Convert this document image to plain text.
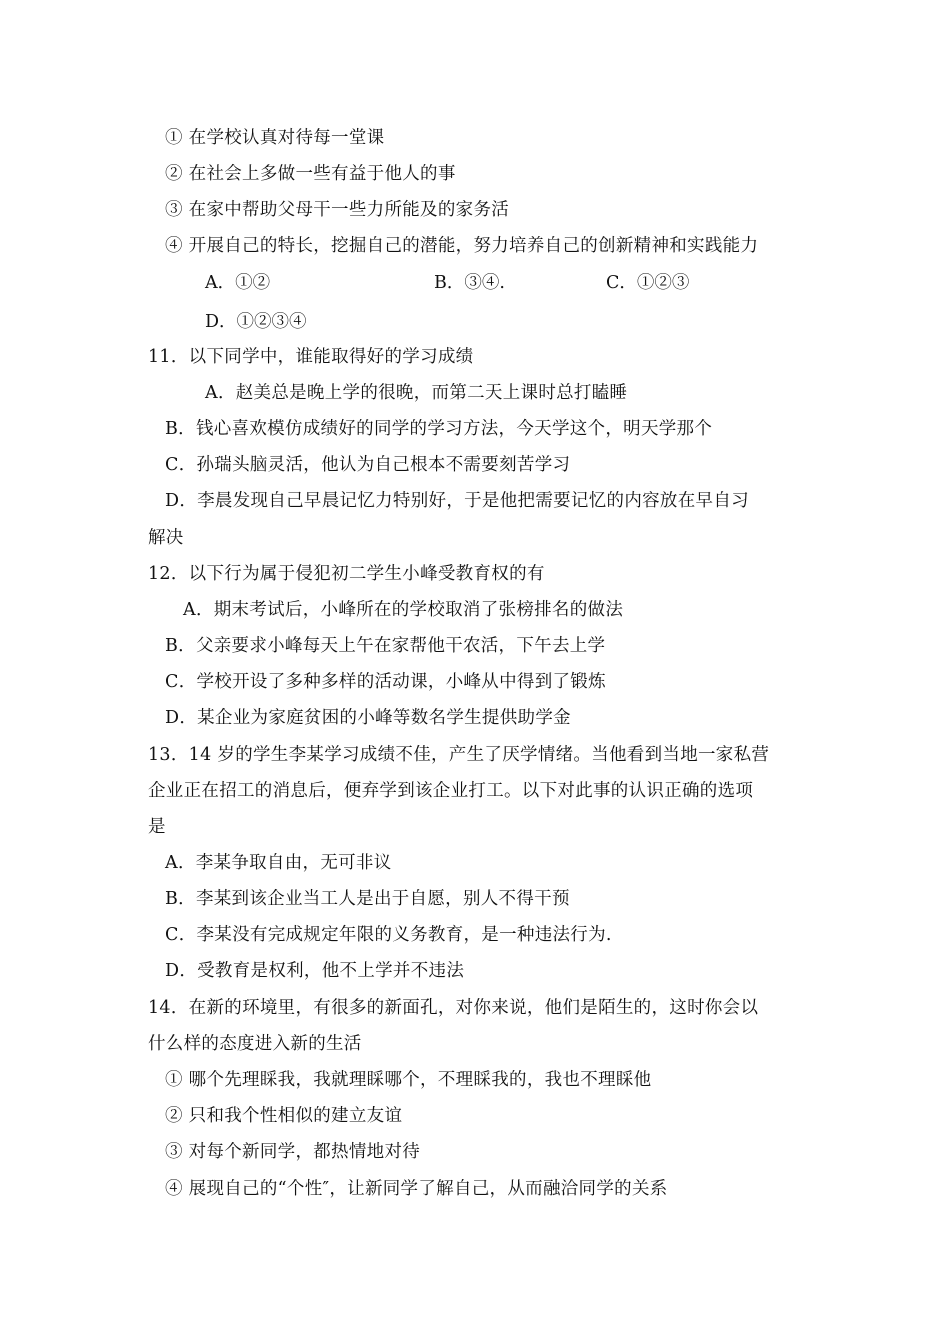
① 在学校认真对待每一堂课
② 在社会上多做一些有益于他人的事
③ 在家中帮助父母干一些力所能及的家务活
④ 开展自己的特长，挖掘自己的潜能，努力培养自己的创新精神和实践能力
A．①②	B．③④.	C．①②③
D．①②③④
11．以下同学中，谁能取得好的学习成绩
A．赵美总是晚上学的很晚，而第二天上课时总打瞌睡
B．钱心喜欢模仿成绩好的同学的学习方法，今天学这个，明天学那个
C．孙瑞头脑灵活，他认为自己根本不需要刻苦学习
D．李晨发现自己早晨记忆力特别好，于是他把需要记忆的内容放在早自习
解决
12．以下行为属于侵犯初二学生小峰受教育权的有
A．期末考试后，小峰所在的学校取消了张榜排名的做法
B．父亲要求小峰每天上午在家帮他干农活，下午去上学
C．学校开设了多种多样的活动课，小峰从中得到了锻炼
D．某企业为家庭贫困的小峰等数名学生提供助学金
13．14 岁的学生李某学习成绩不佳，产生了厌学情绪。当他看到当地一家私营
企业正在招工的消息后，便弃学到该企业打工。以下对此事的认识正确的选项
是
A．李某争取自由，无可非议
B．李某到该企业当工人是出于自愿，别人不得干预
C．李某没有完成规定年限的义务教育，是一种违法行为.
D．受教育是权利，他不上学并不违法
14．在新的环境里，有很多的新面孔，对你来说，他们是陌生的，这时你会以
什么样的态度进入新的生活
① 哪个先理睬我，我就理睬哪个，不理睬我的，我也不理睬他
② 只和我个性相似的建立友谊
③ 对每个新同学，都热情地对待
④ 展现自己的“个性″，让新同学了解自己，从而融洽同学的关系
